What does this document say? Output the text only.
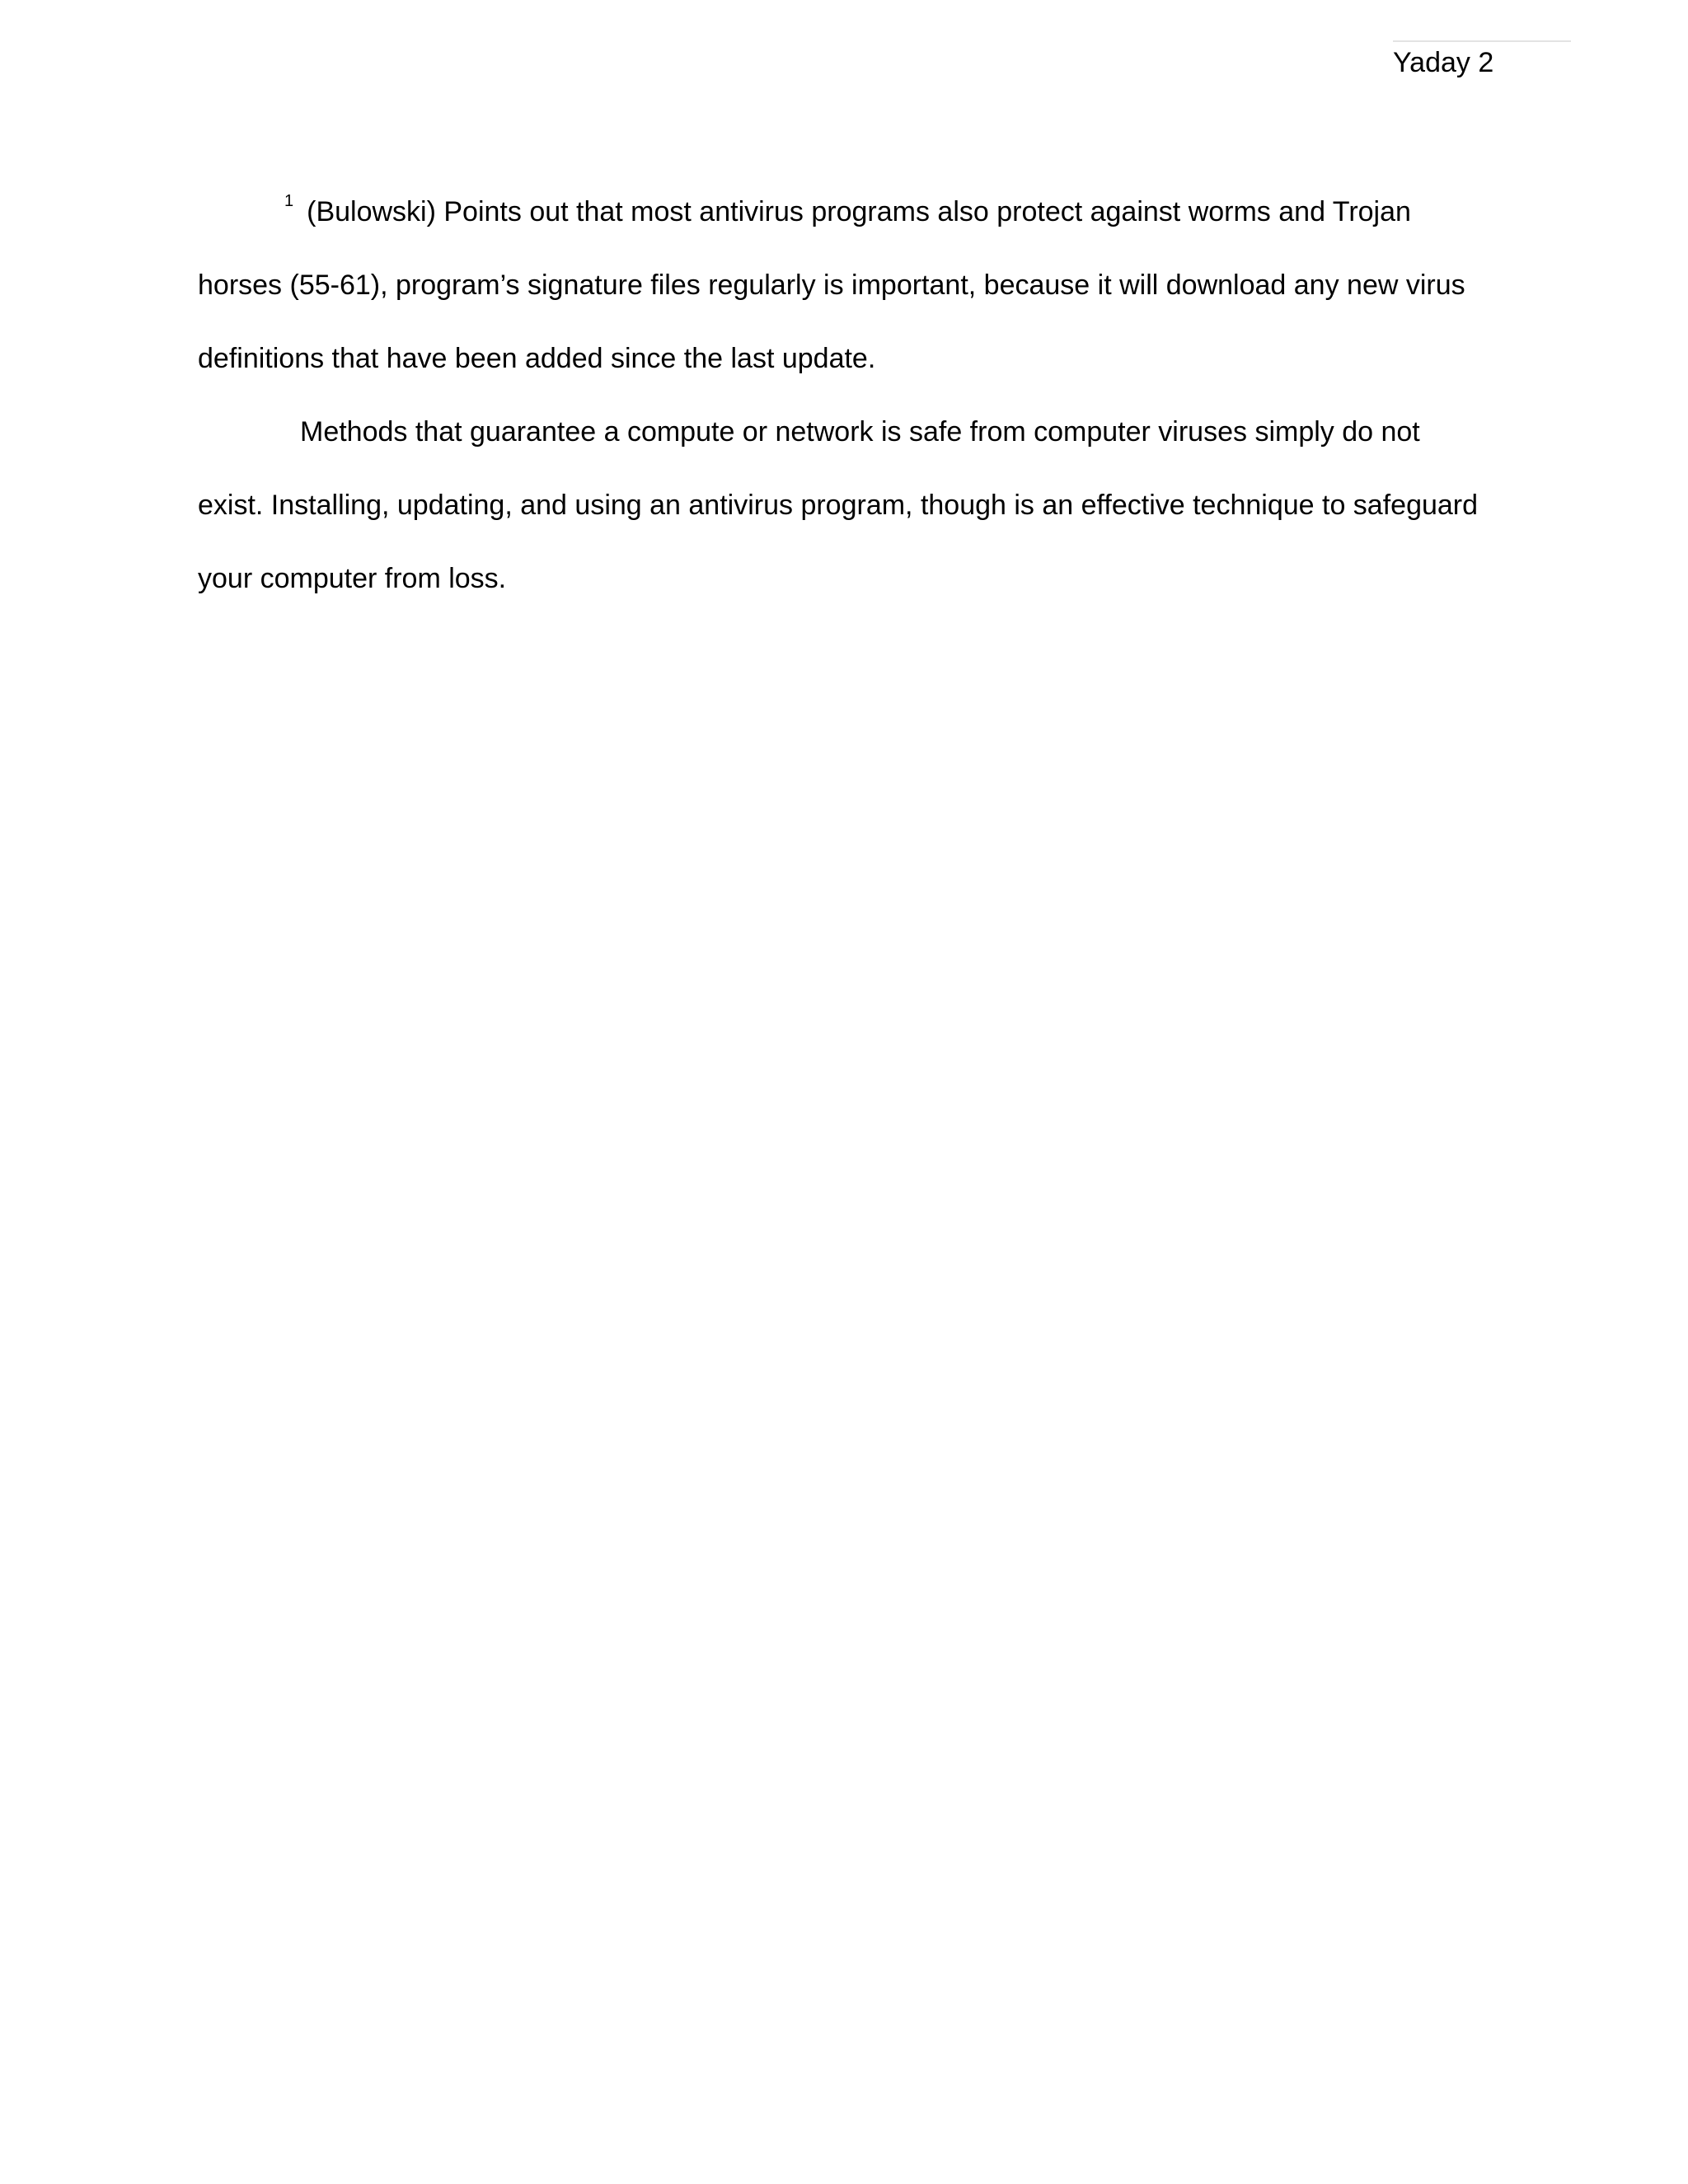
Yaday 2
$^1$ (Bulowski) Points out that most antivirus programs also protect against worms and Trojan
horses (55-61), program’s signature files regularly is important, because it will download any new virus
definitions that have been added since the last update.
Methods that guarantee a compute or network is safe from computer viruses simply do not
exist. Installing, updating, and using an antivirus program, though is an effective technique to safeguard
your computer from loss.
